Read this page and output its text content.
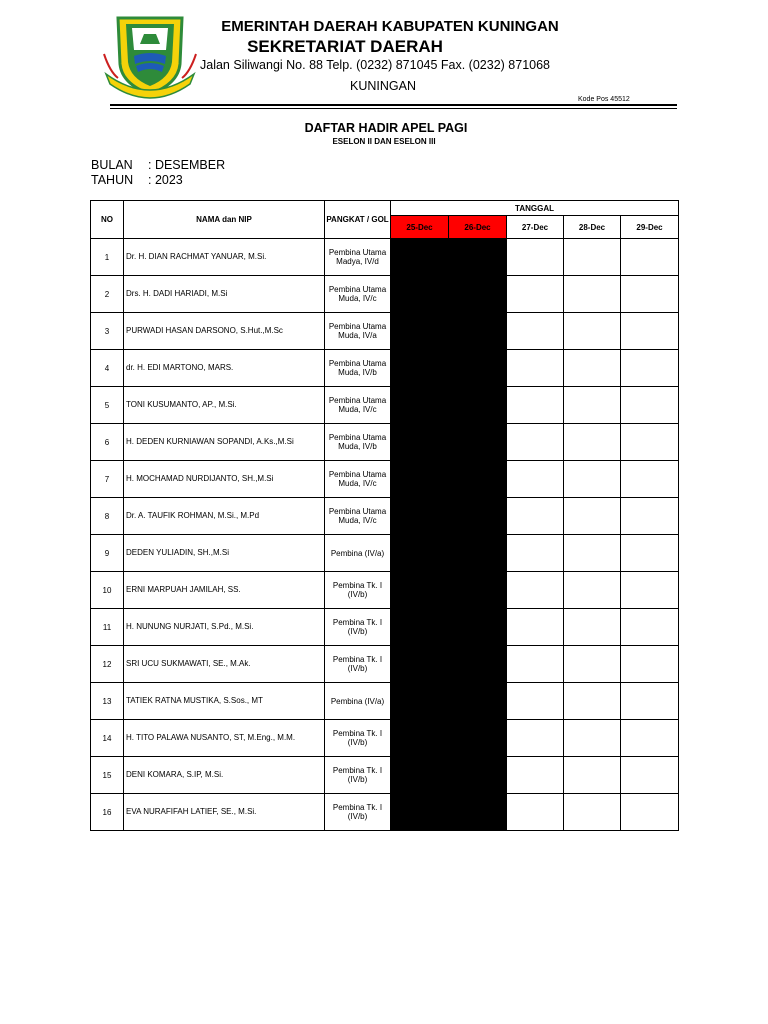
EMERINTAH DAERAH KABUPATEN KUNINGAN
SEKRETARIAT DAERAH
Jalan Siliwangi No. 88 Telp. (0232) 871045 Fax. (0232) 871068
KUNINGAN
Kode Pos 45512
DAFTAR HADIR APEL PAGI
ESELON II DAN ESELON III
BULAN : DESEMBER
TAHUN : 2023
NO	NAMA dan NIP	PANGKAT / GOL	TANGGAL				
			25-Dec	26-Dec	27-Dec	28-Dec	29-Dec
1	Dr. H. DIAN RACHMAT YANUAR, M.Si.	Pembina Utama Madya, IV/d					
2	Drs. H. DADI HARIADI, M.Si	Pembina Utama Muda, IV/c					
3	PURWADI HASAN DARSONO, S.Hut.,M.Sc	Pembina Utama Muda, IV/a					
4	dr. H. EDI MARTONO, MARS.	Pembina Utama Muda, IV/b					
5	TONI KUSUMANTO, AP., M.Si.	Pembina Utama Muda, IV/c					
6	H. DEDEN KURNIAWAN SOPANDI, A.Ks.,M.Si	Pembina Utama Muda, IV/b					
7	H. MOCHAMAD NURDIJANTO, SH.,M.Si	Pembina Utama Muda, IV/c					
8	Dr. A. TAUFIK ROHMAN, M.Si., M.Pd	Pembina Utama Muda, IV/c					
9	DEDEN YULIADIN, SH.,M.Si	Pembina (IV/a)					
10	ERNI MARPUAH JAMILAH, SS.	Pembina Tk. I (IV/b)					
11	H. NUNUNG NURJATI, S.Pd., M.Si.	Pembina Tk. I (IV/b)					
12	SRI UCU SUKMAWATI, SE., M.Ak.	Pembina Tk. I (IV/b)					
13	TATIEK RATNA MUSTIKA, S.Sos., MT	Pembina (IV/a)					
14	H. TITO PALAWA NUSANTO, ST, M.Eng., M.M.	Pembina Tk. I (IV/b)					
15	DENI KOMARA, S.IP, M.Si.	Pembina Tk. I (IV/b)					
16	EVA NURAFIFAH LATIEF, SE., M.Si.	Pembina Tk. I (IV/b)					
